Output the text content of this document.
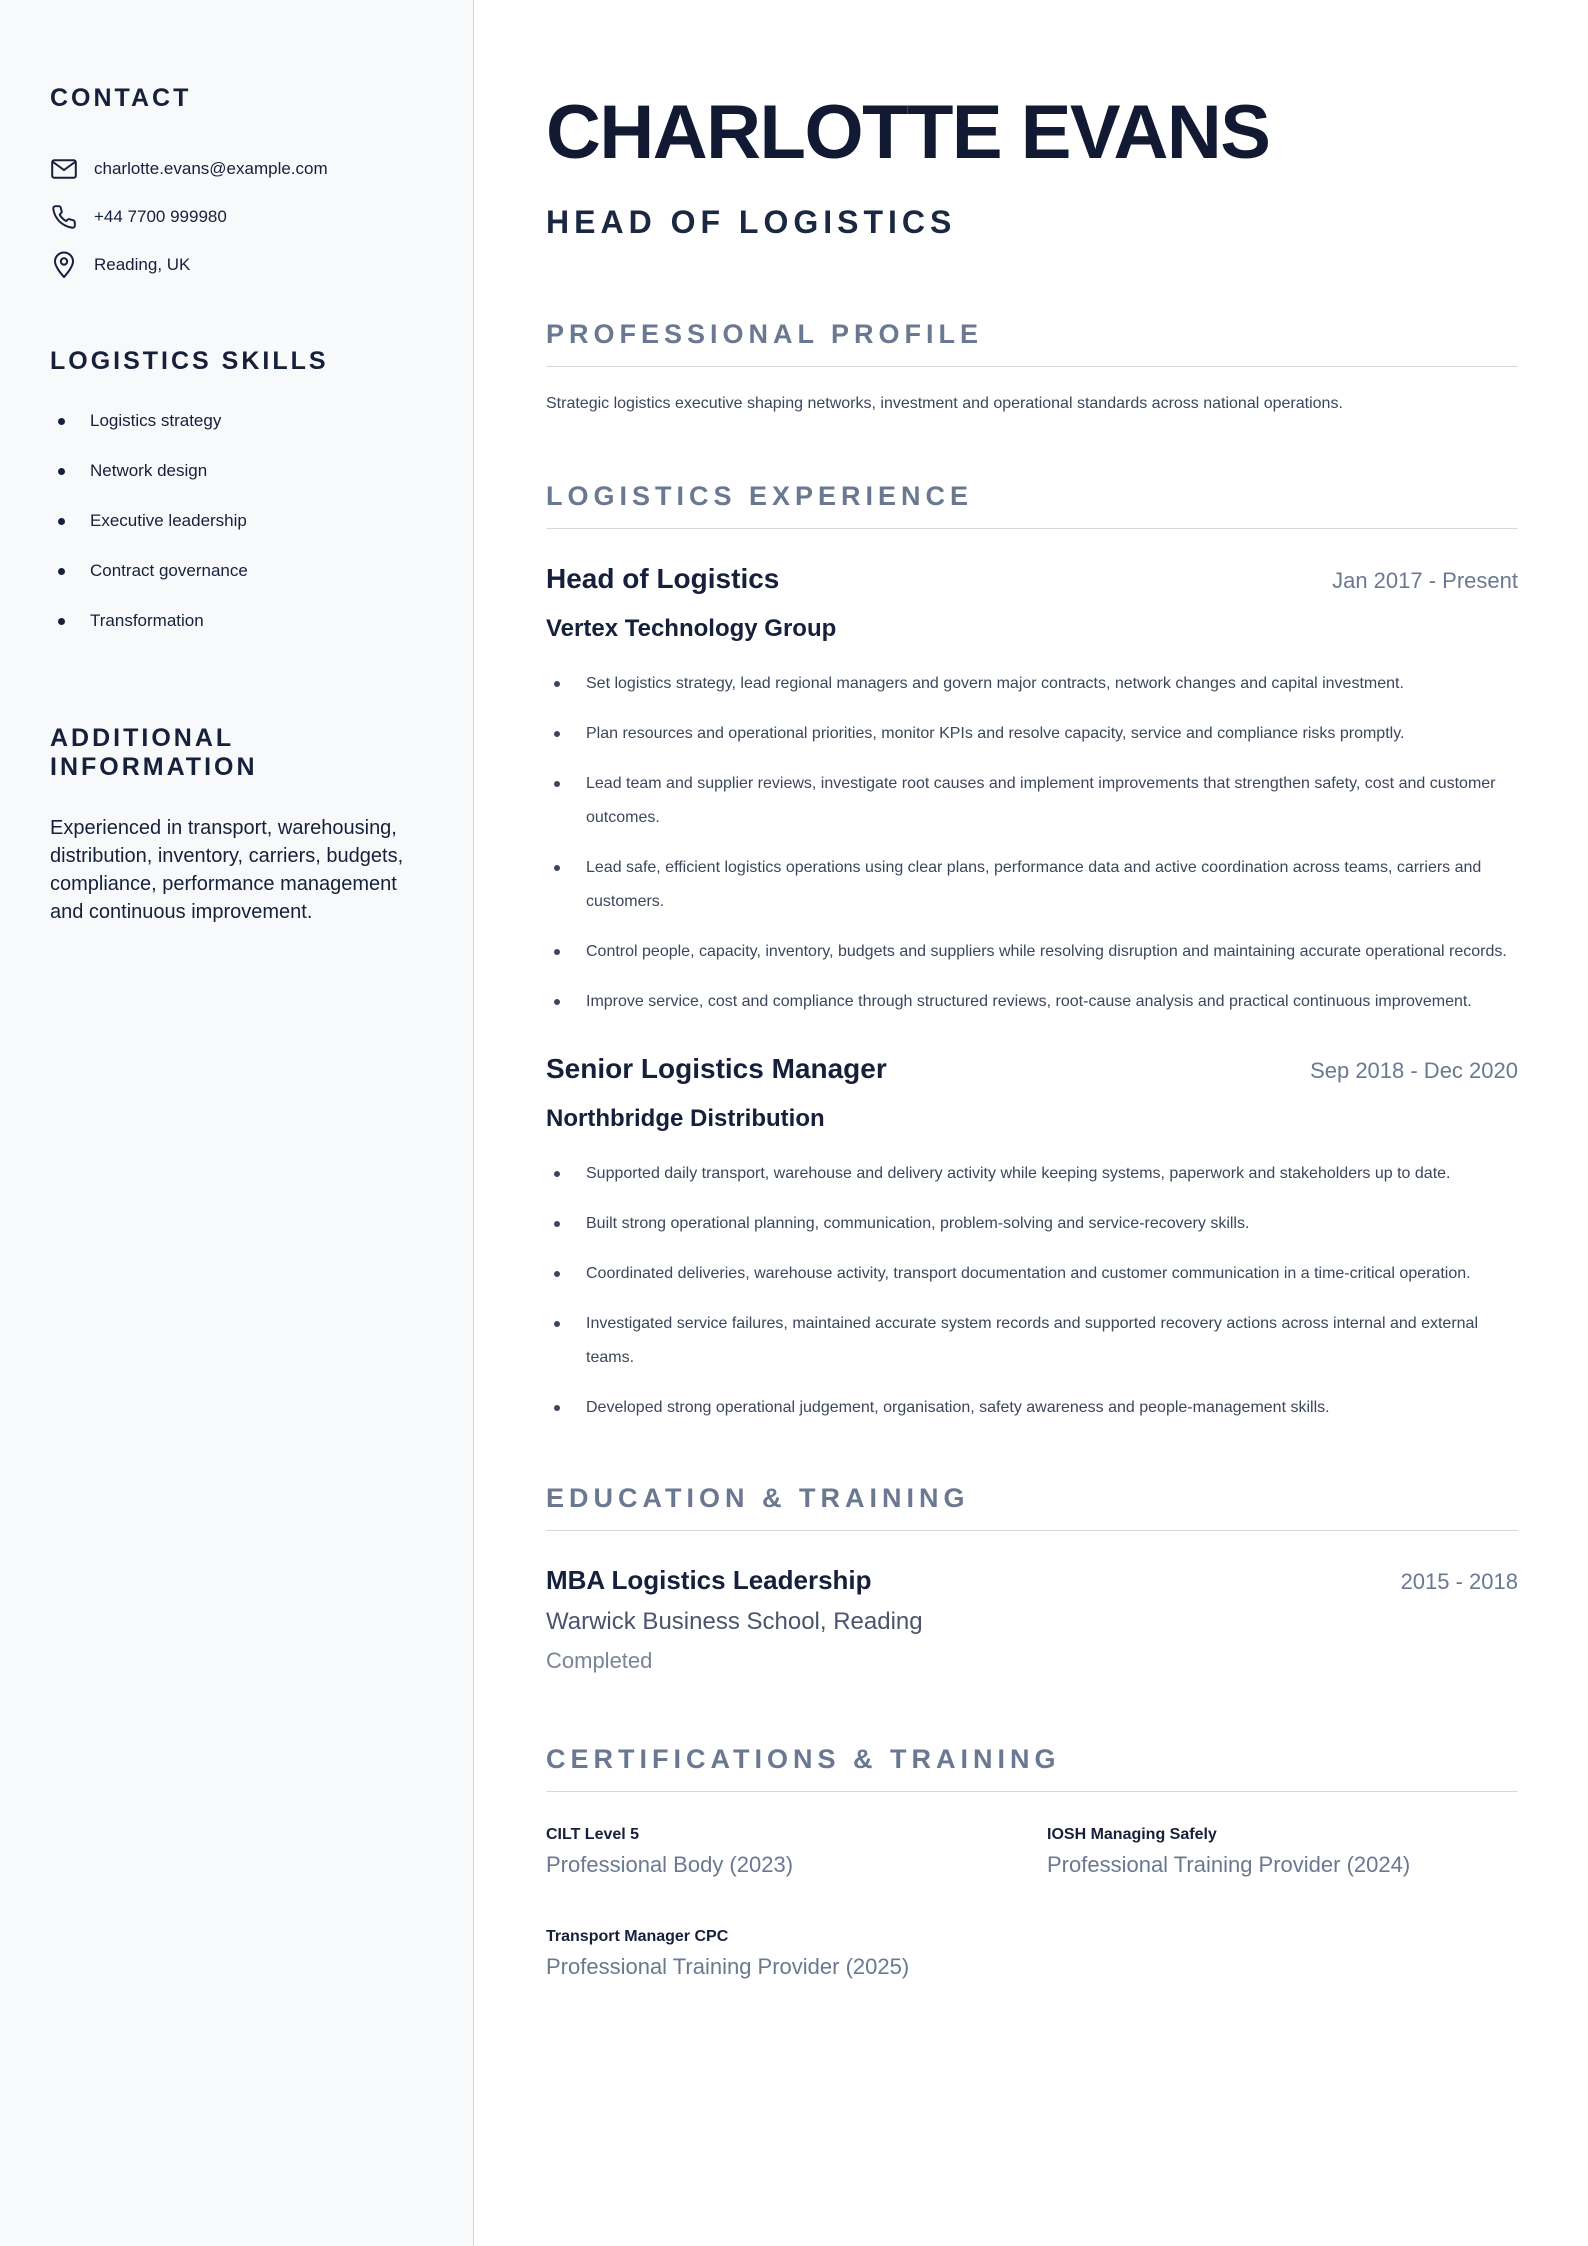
CONTACT
charlotte.evans@example.com
+44 7700 999980
Reading, UK
LOGISTICS SKILLS
Logistics strategy
Network design
Executive leadership
Contract governance
Transformation
ADDITIONAL INFORMATION

Experienced in transport, warehousing, distribution, inventory, carriers, budgets, compliance, performance management and continuous improvement.

CHARLOTTE EVANS
HEAD OF LOGISTICS
PROFESSIONAL PROFILE

Strategic logistics executive shaping networks, investment and operational standards across national operations.

LOGISTICS EXPERIENCE
Head of Logistics	Jan 2017 - Present
Vertex Technology Group
Set logistics strategy, lead regional managers and govern major contracts, network changes and capital investment.
Plan resources and operational priorities, monitor KPIs and resolve capacity, service and compliance risks promptly.
Lead team and supplier reviews, investigate root causes and implement improvements that strengthen safety, cost and customer outcomes.
Lead safe, efficient logistics operations using clear plans, performance data and active coordination across teams, carriers and customers.
Control people, capacity, inventory, budgets and suppliers while resolving disruption and maintaining accurate operational records.
Improve service, cost and compliance through structured reviews, root-cause analysis and practical continuous improvement.
Senior Logistics Manager	Sep 2018 - Dec 2020
Northbridge Distribution
Supported daily transport, warehouse and delivery activity while keeping systems, paperwork and stakeholders up to date.
Built strong operational planning, communication, problem-solving and service-recovery skills.
Coordinated deliveries, warehouse activity, transport documentation and customer communication in a time-critical operation.
Investigated service failures, maintained accurate system records and supported recovery actions across internal and external teams.
Developed strong operational judgement, organisation, safety awareness and people-management skills.
EDUCATION & TRAINING
MBA Logistics Leadership	2015 - 2018
Warwick Business School, Reading
Completed
CERTIFICATIONS & TRAINING
CILT Level 5
Professional Body (2023)
IOSH Managing Safely
Professional Training Provider (2024)
Transport Manager CPC
Professional Training Provider (2025)
